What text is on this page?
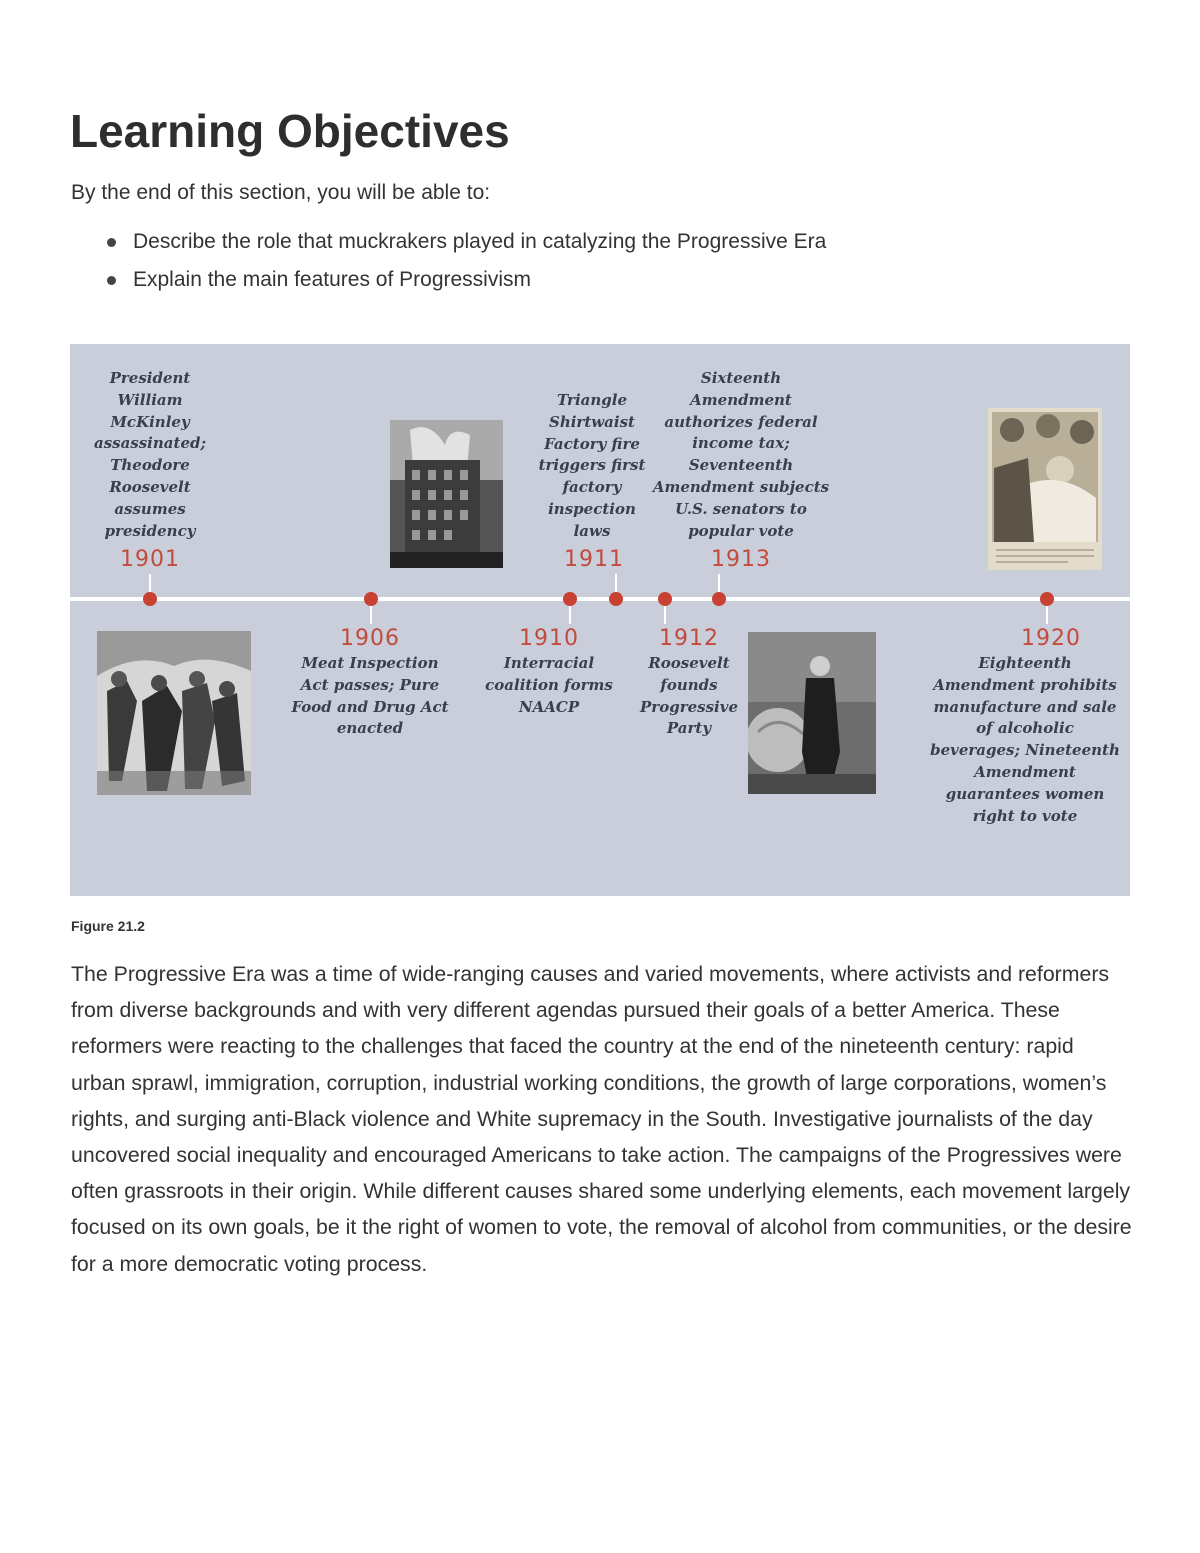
Learning Objectives
By the end of this section, you will be able to:
Describe the role that muckrakers played in catalyzing the Progressive Era
Explain the main features of Progressivism
President William McKinley assassinated; Theodore Roosevelt assumes presidency
1901
1906
Meat Inspection Act passes; Pure Food and Drug Act enacted
1910
Interracial coalition forms NAACP
Triangle Shirtwaist Factory fire triggers first factory inspection laws
1911
1912
Roosevelt founds Progressive Party
Sixteenth Amendment authorizes federal income tax; Seventeenth Amendment subjects U.S. senators to popular vote
1913
1920
Eighteenth Amendment prohibits manufacture and sale of alcoholic beverages; Nineteenth Amendment guarantees women right to vote
Figure 21.2

The Progressive Era was a time of wide-ranging causes and varied movements, where activists and reformers from diverse backgrounds and with very different agendas pursued their goals of a better America. These reformers were reacting to the challenges that faced the country at the end of the nineteenth century: rapid urban sprawl, immigration, corruption, industrial working conditions, the growth of large corporations, women’s rights, and surging anti-Black violence and White supremacy in the South. Investigative journalists of the day uncovered social inequality and encouraged Americans to take action. The campaigns of the Progressives were often grassroots in their origin. While different causes shared some underlying elements, each movement largely focused on its own goals, be it the right of women to vote, the removal of alcohol from communities, or the desire for a more democratic voting process.
